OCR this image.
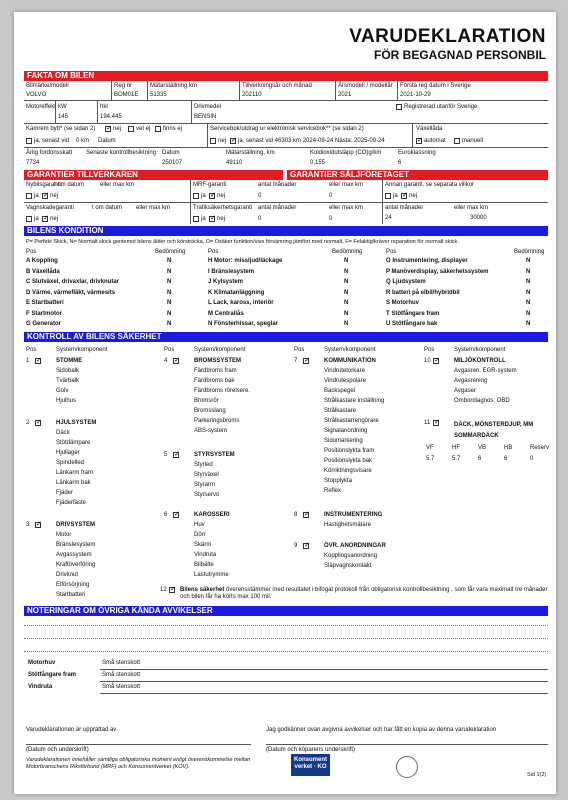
VARUDEKLARATION
FÖR BEGAGNAD PERSONBIL
FAKTA OM BILEN
Bilmärke/modell
VOLVO
Reg nr
BOM01E
Mätarställning km
51335
Tillverkningsår och månad
202110
Årsmodell / modellår
2021
Första reg datum i Sverige
2021-10-29
Motoreffekt kW
145
hkr
194.445
Drivmedel
BENSIN
Registrerad utanför Sverige
Kamrem bytt* (se sidan 2) ✓	nej vet ej finns ej
ja, senast vid 0 km Datum
Servicebok/utdrag ur elektronisk servicebok** (se sidan 2)
nej ✓ ja, senast vid 46303 km 2024-09-24 Nästa: 2025-09-24
Växellåda
✓
automat	manuell
Årlig fordonsskatt
7734
Senaste kontrollbesiktning Datum
250107
Mätarställning, km
49110
Koldioxidutsläpp (CO)g/km
0,155
Euroklassning
6
GARANTIER TILLVERKAREN	GARANTIER SÄLJFÖRETAGET
Nybilsgaranti
t om datum	eller max km
ja ✓ nej
Vagnskadegaranti	t om datum eller max km
ja ✓ nej
MRF-garanti	antal månader	eller max km
ja ✓ nej	0	0
Trafiksäkerhetsgaranti antal månader	eller max km
ja ✓ nej	0	0
Annan garanti, se separata villkor
antal månader	eller max km
ja ✓ nej
24	30000
BILENS KONDITION
P= Perfekt Skick, N= Normalt skick gentemot bilens ålder och körsträcka, O= Osäker funktion/viss försämring jämfört med normalt, F= Felaktig/kräver reparation för normalt skick
Pos	Bedömning
A Koppling	N
B Växellåda	N
C Slutväxel, drivaxlar, drivknutar	N
D Värme, värmefläkt, värmesits	N
E Startbatteri	N
F Startmotor	N
G Generator	N
Pos	Bedömning
H Motor: missljud/läckage	N
I Bränslesystem	N
J Kylsystem	N
K Klimatanläggning	N
L Lack, kaross, interiör	N
M Centrallås	N
N Fönsterhissar, speglar	N
Pos	Bedömning
O Instrumentering, displayer	N
P Manöverdisplay, säkerhetssystem	N
Q Ljudsystem	N
R batteri på elbil/hybridbil	N
S Motorhuv	N
T Stötfångare fram	N
U Stötfångare bak	N
KONTROLL AV BILENS SÄKERHET
Pos	System/komponent	Pos	System/komponent	Pos	System/komponent	Pos	System/komponent
1 ✓	STOMME
Sidobalk
Tvärbalk
Golv
Hjulhus
2 ✓	HJULSYSTEM
Däck
Stötdämpare
Hjullager
Spindelled
Länkarm fram
Länkarm bak
Fjäder
Fjäderfäste
3 ✓	DRIVSYSTEM
Motor
Bränslesystem
Avgassystem
Kraftöverföring
Drivknut
Elförsörjning
Startbatteri
4 ✓	BROMSSYSTEM
Färdbroms fram
Färdbroms bak
Färdbroms rörelsere.
Bromsrör
Bromsslang
Parkeringsbroms
ABS-system
5 ✓	STYRSYSTEM
Styrled
Styrväxel
Styrarm
Styrservo
6 ✓	KAROSSERI
Huv
Dörr
Skärm
Vindruta
Bilbälte
Lastutrymme
7 ✓	KOMMUNIKATION
Vindrutetorkare
Vindrutespolare
Backspegel
Strålkastare inställning
Strålkastare
Strålkastarrengörare
Signalanordning
Sidomarkering
Positionslykta fram
Positionslykta bak
Körriktningsvisare
Stopplykta
Reflex
8 ✓	INSTRUMENTERING
Hastighetsmätare
9 ✓	ÖVR. ANORDNINGAR
Kopplingsanordning
Släpvagnskontakt
10 ✓	MILJÖKONTROLL
Avgasren. EGR-system
Avgasrening
Avgaser
Ombordiagnos, OBD
11 ✓	DÄCK, MÖNSTERDJUP, MM SOMMARDÄCK
VF
5.7
HF
5.7
VB
6
HB
6
Reserv
0
12 ✓ Bilens säkerhet överensstämmer med resultatet i bifogat protokoll från obligatorisk kontrollbesiktning , som får vara maximalt tre månader och bilen får ha körts max 100 mil.
NOTERINGAR OM ÖVRIGA KÄNDA AVVIKELSER
Motorhuv	Små stenskott
Stötfångare fram	Små stenskott
Vindruta	Små stenskott
Varudeklarationen är upprättad av	Jag godkänner ovan avgivna avvikelser och har fått en kopia av denna varudeklaration
(Datum och underskrift)	(Datum och köparens underskrift)
Varudeklarationen innehåller samtliga obligatoriska moment enligt överenskommelse mellan Motorbranschens Riksförbund (MRF) och Konsumentverket (KOV).
Konsument verket · KO
Sid 1(2)
